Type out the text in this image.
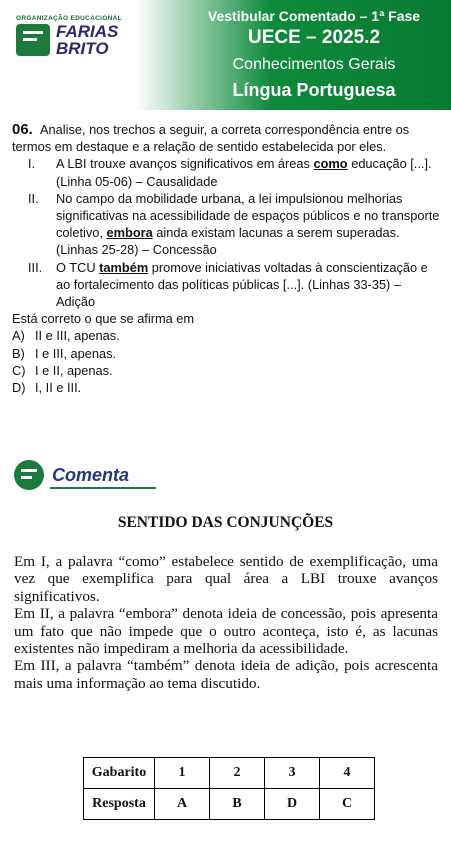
ORGANIZAÇÃO EDUCACIONAL
FARIAS
BRITO
Vestibular Comentado – 1ª Fase
UECE – 2025.2
Conhecimentos Gerais
Língua Portuguesa

06. Analise, nos trechos a seguir, a correta correspondência entre os termos em destaque e a relação de sentido estabelecida por eles.

I. A LBI trouxe avanços significativos em áreas como educação [...]. (Linha 05-06) – Causalidade

II. No campo da mobilidade urbana, a lei impulsionou melhorias significativas na acessibilidade de espaços públicos e no transporte coletivo, embora ainda existam lacunas a serem superadas. (Linhas 25-28) – Concessão

III. O TCU também promove iniciativas voltadas à conscientização e ao fortalecimento das políticas públicas [...]. (Linhas 33-35) – Adição

Está correto o que se afirma em

A) II e III, apenas.

B) I e III, apenas.

C) I e II, apenas.

D) I, II e III.

Comenta
SENTIDO DAS CONJUNÇÕES

Em I, a palavra “como” estabelece sentido de exemplificação, uma vez que exemplifica para qual área a LBI trouxe avanços significativos.

Em II, a palavra “embora” denota ideia de concessão, pois apresenta um fato que não impede que o outro aconteça, isto é, as lacunas existentes não impediram a melhoria da acessibilidade.

Em III, a palavra “também” denota ideia de adição, pois acrescenta mais uma informação ao tema discutido.

Gabarito	1	2	3	4
Resposta	A	B	D	C
